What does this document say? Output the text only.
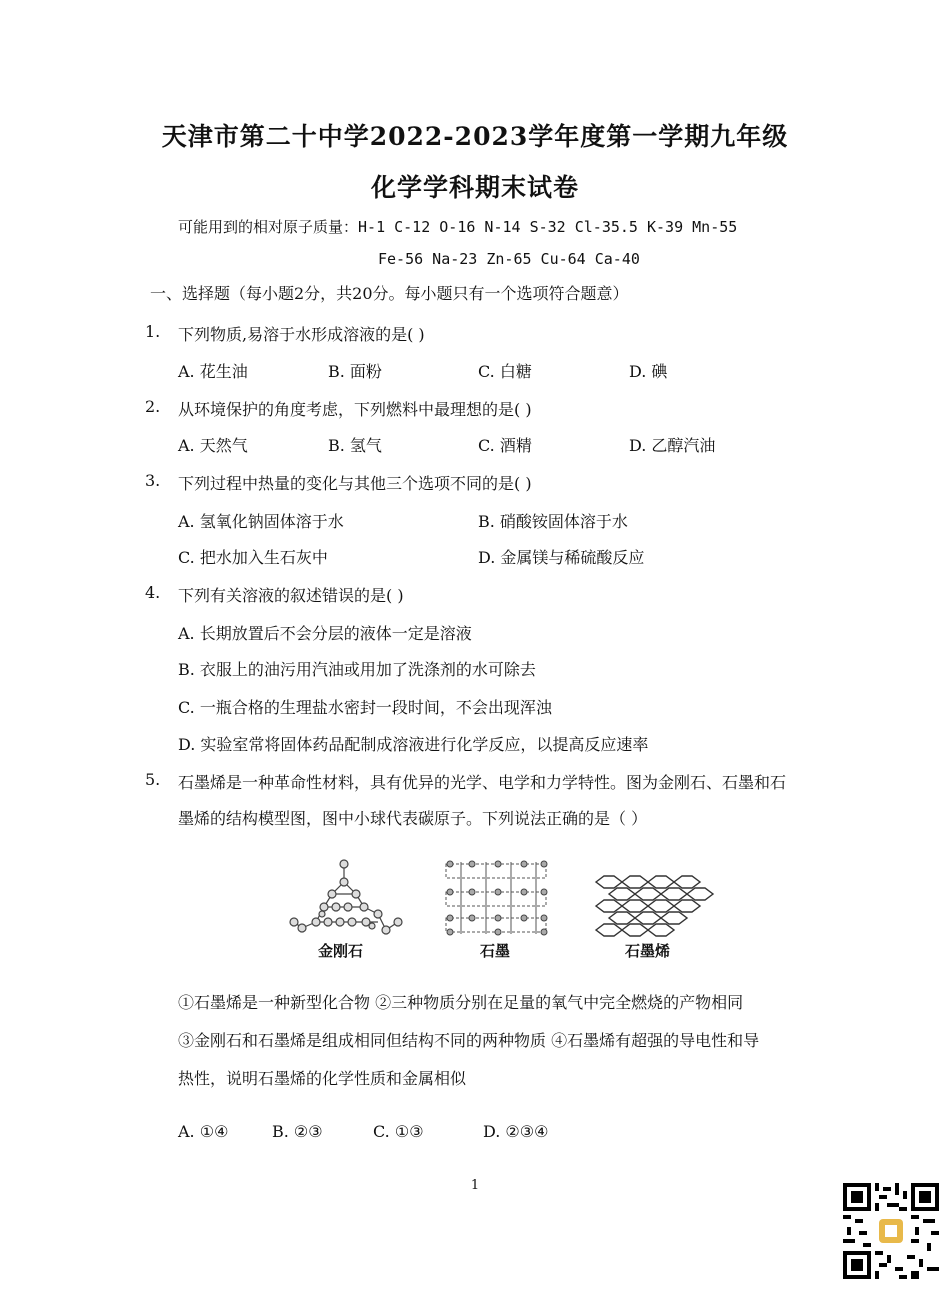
天津市第二十中学2022-2023学年度第一学期九年级
化学学科期末试卷
可能用到的相对原子质量：H-1 C-12 O-16 N-14 S-32 Cl-35.5 K-39 Mn-55
Fe-56 Na-23 Zn-65 Cu-64 Ca-40
一、选择题（每小题2分，共20分。每小题只有一个选项符合题意）
1. 下列物质,易溶于水形成溶液的是( )
A. 花生油	B. 面粉	C. 白糖	D. 碘
2. 从环境保护的角度考虑，下列燃料中最理想的是( )
A. 天然气	B. 氢气	C. 酒精	D. 乙醇汽油
3. 下列过程中热量的变化与其他三个选项不同的是( )
A. 氢氧化钠固体溶于水	B. 硝酸铵固体溶于水
C. 把水加入生石灰中	D. 金属镁与稀硫酸反应
4. 下列有关溶液的叙述错误的是( )
A. 长期放置后不会分层的液体一定是溶液
B. 衣服上的油污用汽油或用加了洗涤剂的水可除去
C. 一瓶合格的生理盐水密封一段时间，不会出现浑浊
D. 实验室常将固体药品配制成溶液进行化学反应，以提高反应速率
5. 石墨烯是一种革命性材料，具有优异的光学、电学和力学特性。图为金刚石、石墨和石
墨烯的结构模型图，图中小球代表碳原子。下列说法正确的是（ ）
金刚石	石墨	石墨烯
①石墨烯是一种新型化合物 ②三种物质分别在足量的氧气中完全燃烧的产物相同
③金刚石和石墨烯是组成相同但结构不同的两种物质 ④石墨烯有超强的导电性和导
热性，说明石墨烯的化学性质和金属相似
A. ①④	B. ②③	C. ①③	D. ②③④
1
